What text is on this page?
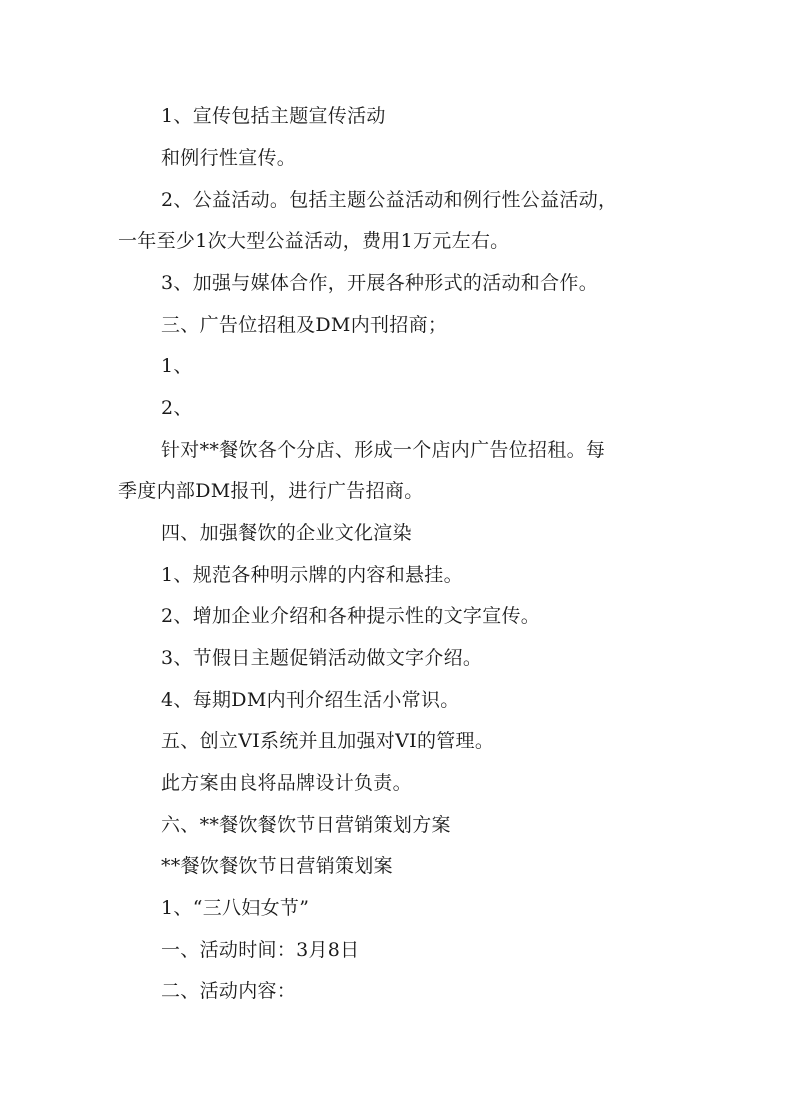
1、宣传包括主题宣传活动
和例行性宣传。
2、公益活动。包括主题公益活动和例行性公益活动，
一年至少1次大型公益活动，费用1万元左右。
3、加强与媒体合作，开展各种形式的活动和合作。
三、广告位招租及DM内刊招商；
1、
2、
针对**餐饮各个分店、形成一个店内广告位招租。每
季度内部DM报刊，进行广告招商。
四、加强餐饮的企业文化渲染
1、规范各种明示牌的内容和悬挂。
2、增加企业介绍和各种提示性的文字宣传。
3、节假日主题促销活动做文字介绍。
4、每期DM内刊介绍生活小常识。
五、创立VI系统并且加强对VI的管理。
此方案由良将品牌设计负责。
六、**餐饮餐饮节日营销策划方案
**餐饮餐饮节日营销策划案
1、“三八妇女节”
一、活动时间：3月8日
二、活动内容：
